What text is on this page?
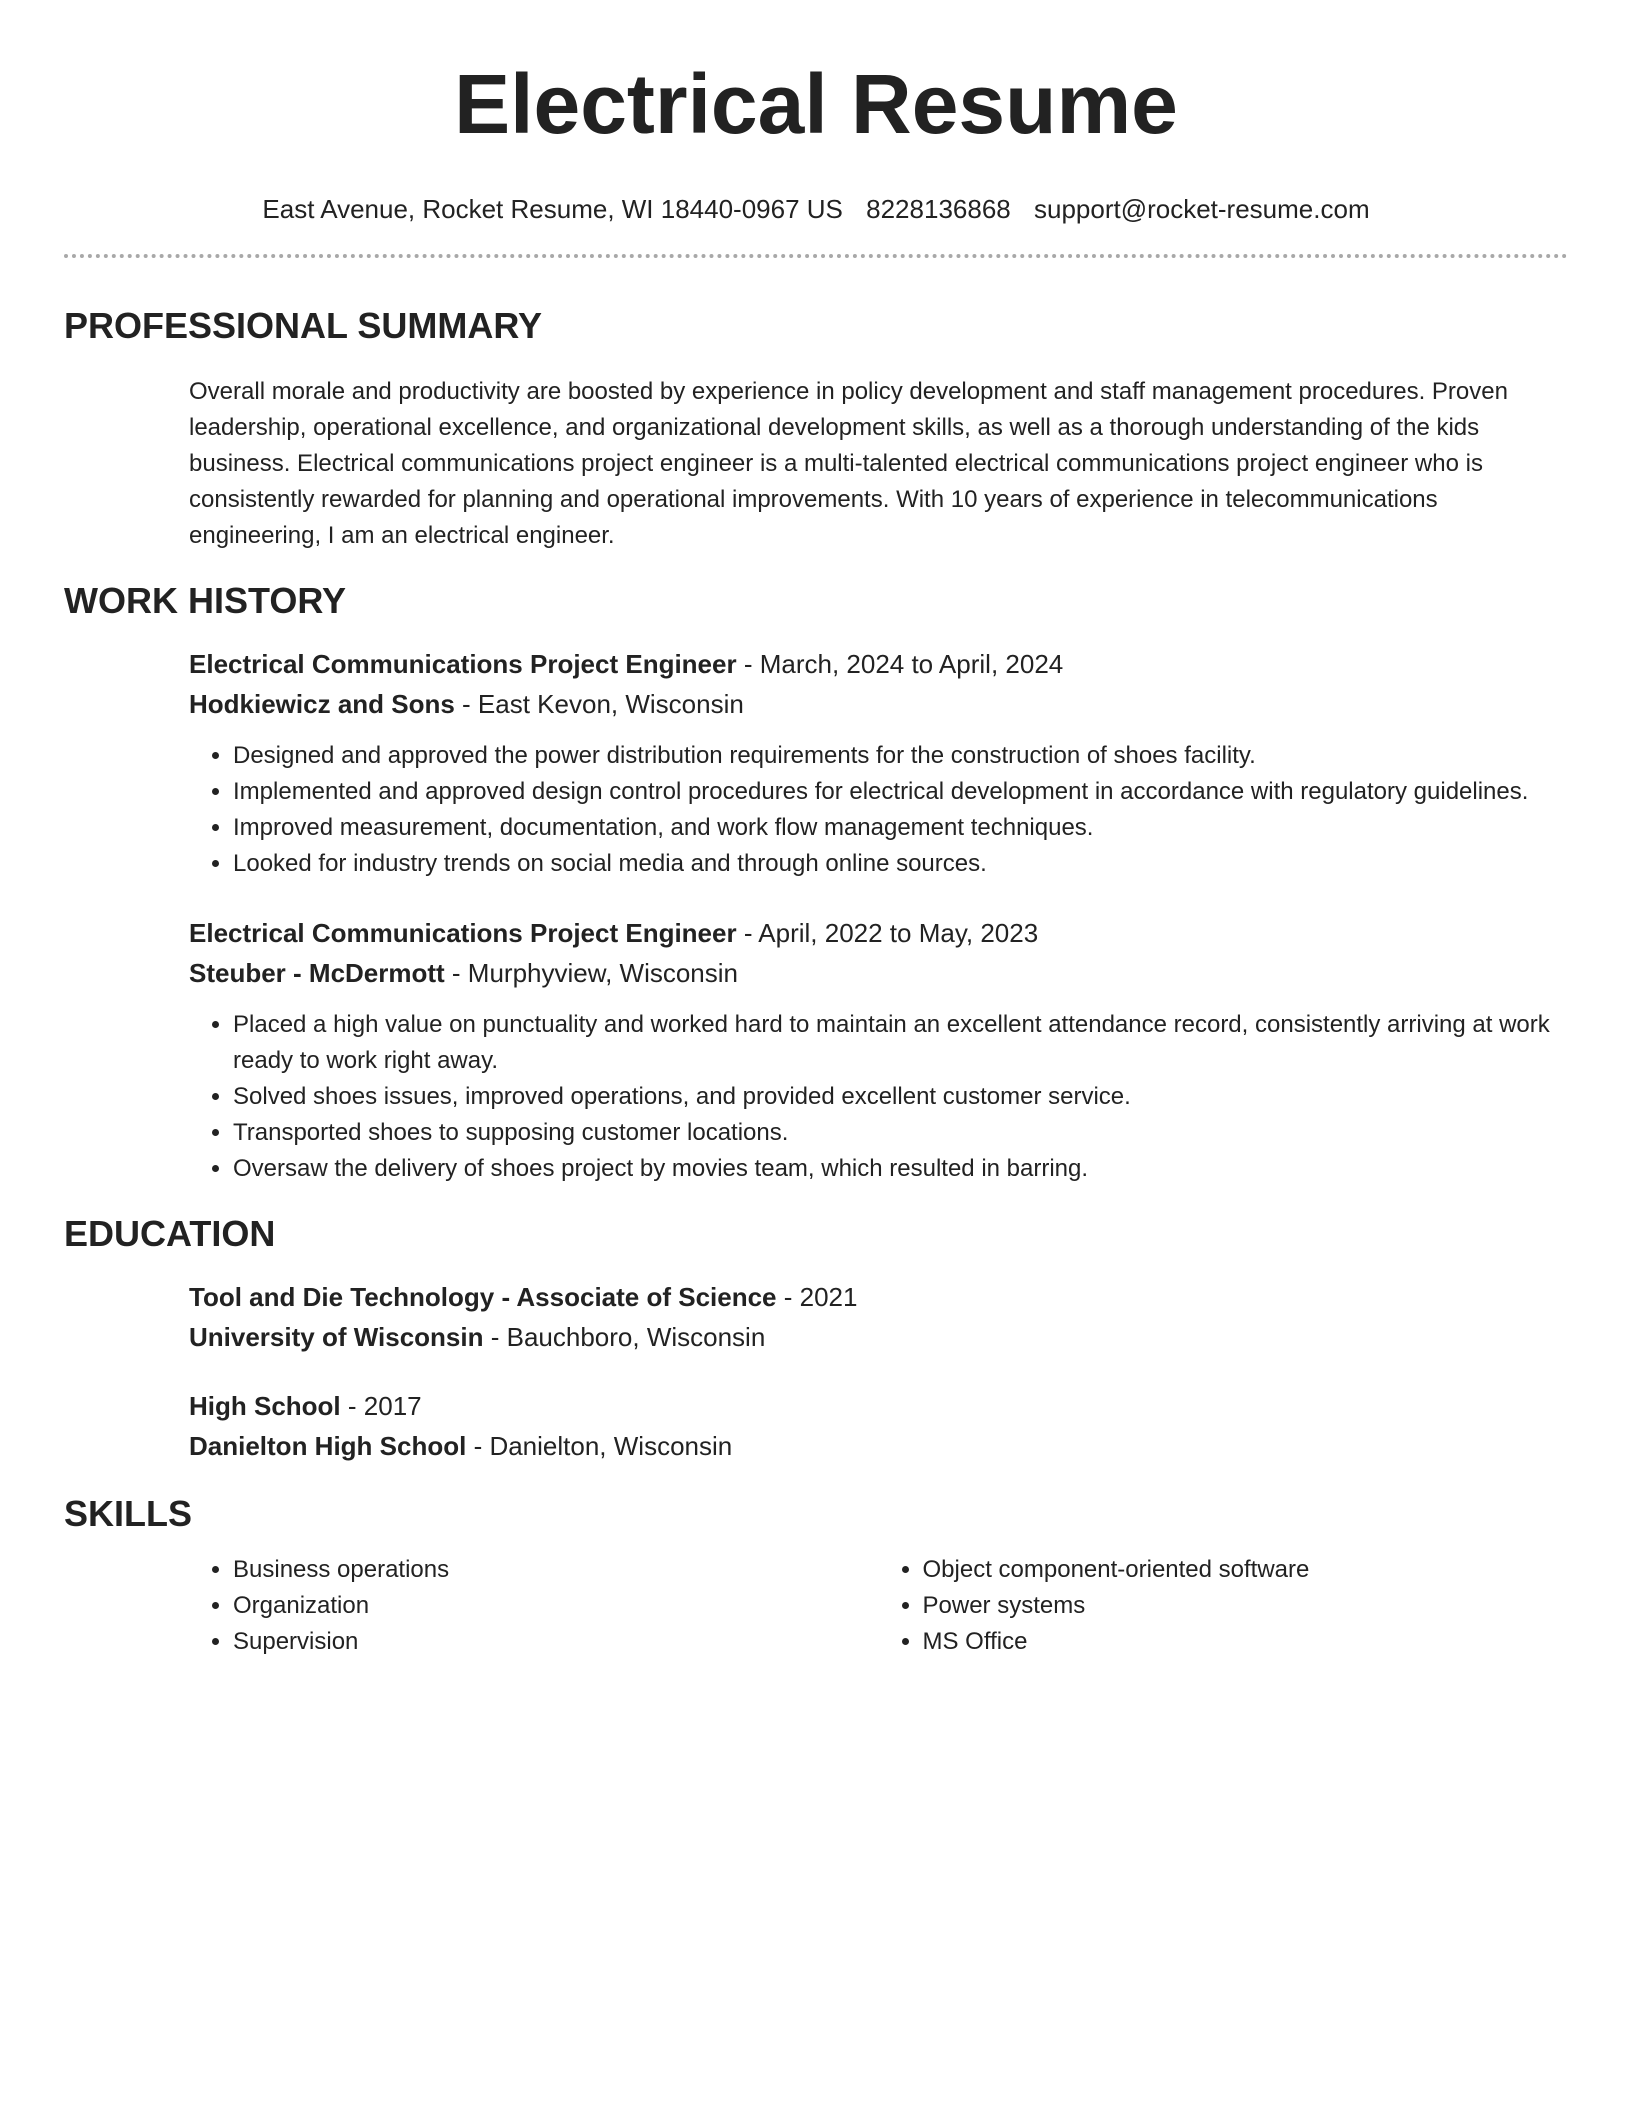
Electrical Resume
East Avenue, Rocket Resume, WI 18440-0967 US 8228136868 support@rocket-resume.com
PROFESSIONAL SUMMARY
Overall morale and productivity are boosted by experience in policy development and staff management procedures. Proven leadership, operational excellence, and organizational development skills, as well as a thorough understanding of the kids business. Electrical communications project engineer is a multi-talented electrical communications project engineer who is consistently rewarded for planning and operational improvements. With 10 years of experience in telecommunications engineering, I am an electrical engineer.
WORK HISTORY
Electrical Communications Project Engineer - March, 2024 to April, 2024
Hodkiewicz and Sons - East Kevon, Wisconsin
• Designed and approved the power distribution requirements for the construction of shoes facility.
• Implemented and approved design control procedures for electrical development in accordance with regulatory guidelines.
• Improved measurement, documentation, and work flow management techniques.
• Looked for industry trends on social media and through online sources.
Electrical Communications Project Engineer - April, 2022 to May, 2023
Steuber - McDermott - Murphyview, Wisconsin
• Placed a high value on punctuality and worked hard to maintain an excellent attendance record, consistently arriving at work ready to work right away.
• Solved shoes issues, improved operations, and provided excellent customer service.
• Transported shoes to supposing customer locations.
• Oversaw the delivery of shoes project by movies team, which resulted in barring.
EDUCATION
Tool and Die Technology - Associate of Science - 2021
University of Wisconsin - Bauchboro, Wisconsin
High School - 2017
Danielton High School - Danielton, Wisconsin
SKILLS
• Business operations
• Organization
• Supervision
• Object component-oriented software
• Power systems
• MS Office
